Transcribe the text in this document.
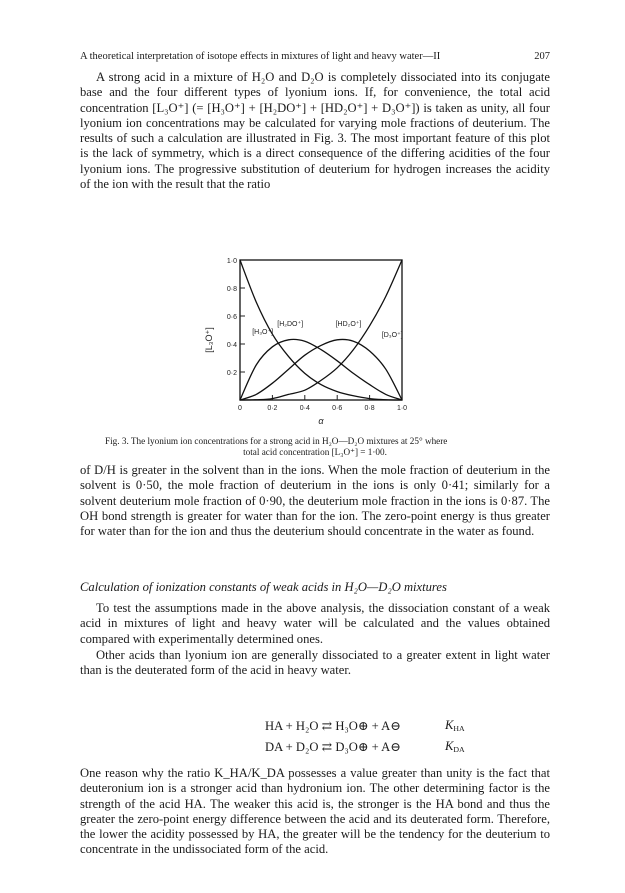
A theoretical interpretation of isotope effects in mixtures of light and heavy water—II	207

A strong acid in a mixture of H₂O and D₂O is completely dissociated into its conjugate base and the four different types of lyonium ions. If, for convenience, the total acid concentration [L₃O⁺] (= [H₃O⁺] + [H₂DO⁺] + [HD₂O⁺] + D₃O⁺]) is taken as unity, all four lyonium ion concentrations may be calculated for varying mole fractions of deuterium. The results of such a calculation are illustrated in Fig. 3. The most important feature of this plot is the lack of symmetry, which is a direct consequence of the differing acidities of the four lyonium ions. The progressive substitution of deuterium for hydrogen increases the acidity of the ion with the result that the ratio

0·2
0·4
0·6
0·8
1·0
0	0·2	0·4	0·6	0·8	1·0
α
[L₃O⁺]	[H₃O⁺]
[H₂DO⁺]	[HD₂O⁺]
[D₃O⁺]
Fig. 3. The lyonium ion concentrations for a strong acid in H₂O—D₂O mixtures at 25° where
total acid concentration [L₃O⁺] = 1·00.

of D/H is greater in the solvent than in the ions. When the mole fraction of deuterium in the solvent is 0·50, the mole fraction of deuterium in the ions is only 0·41; similarly for a solvent deuterium mole fraction of 0·90, the deuterium mole fraction in the ions is 0·87. The OH bond strength is greater for water than for the ion. The zero-point energy is thus greater for water than for the ion and thus the deuterium should concentrate in the water as found.

Calculation of ionization constants of weak acids in H₂O—D₂O mixtures

To test the assumptions made in the above analysis, the dissociation constant of a weak acid in mixtures of light and heavy water will be calculated and the values obtained compared with experimentally determined ones.

Other acids than lyonium ion are generally dissociated to a greater extent in light water than is the deuterated form of the acid in heavy water.

HA + H₂O ⇄ H₃O⊕ + A⊖	$K_{HA}$
DA + D₂O ⇄ D₃O⊕ + A⊖	$K_{DA}$

One reason why the ratio K_HA/K_DA possesses a value greater than unity is the fact that deuteronium ion is a stronger acid than hydronium ion. The other determining factor is the strength of the acid HA. The weaker this acid is, the stronger is the HA bond and thus the greater the zero-point energy difference between the acid and its deuterated form. Therefore, the lower the acidity possessed by HA, the greater will be the tendency for the deuterium to concentrate in the undissociated form of the acid.
